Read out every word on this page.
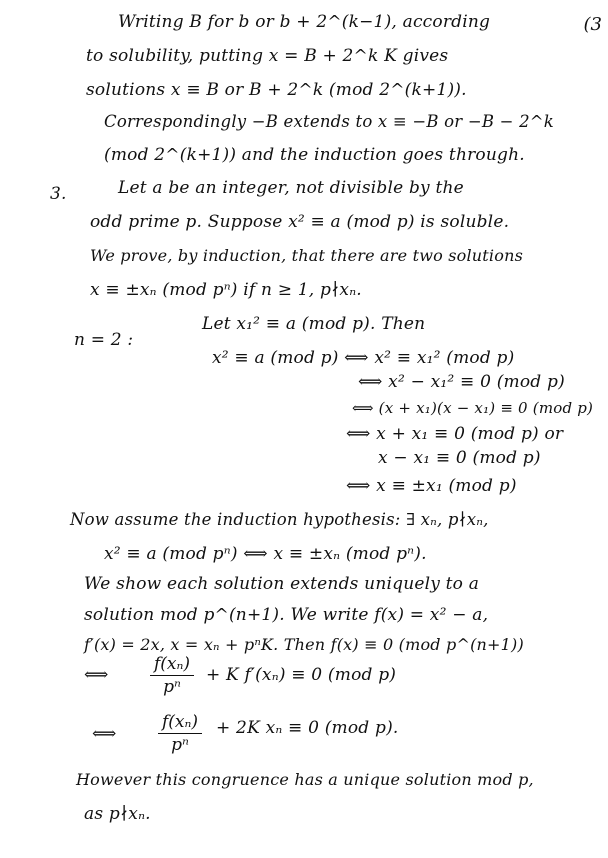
(3
Writing B for b or b + 2^(k−1), according
to solubility, putting x = B + 2^k K gives
solutions x ≡ B or B + 2^k (mod 2^(k+1)).
Correspondingly −B extends to x ≡ −B or −B − 2^k
(mod 2^(k+1)) and the induction goes through.
3.	Let a be an integer, not divisible by the
odd prime p. Suppose x² ≡ a (mod p) is soluble.
We prove, by induction, that there are two solutions
x ≡ ±xₙ (mod pⁿ) if n ≥ 1, p∤xₙ.
n = 2 :
Let x₁² ≡ a (mod p). Then
x² ≡ a (mod p) ⟺ x² ≡ x₁² (mod p)
⟺ x² − x₁² ≡ 0 (mod p)
⟺ (x + x₁)(x − x₁) ≡ 0 (mod p)
⟺ x + x₁ ≡ 0 (mod p) or
x − x₁ ≡ 0 (mod p)
⟺ x ≡ ±x₁ (mod p)
Now assume the induction hypothesis: ∃ xₙ, p∤xₙ,
x² ≡ a (mod pⁿ) ⟺ x ≡ ±xₙ (mod pⁿ).
We show each solution extends uniquely to a
solution mod p^(n+1). We write f(x) = x² − a,
f′(x) = 2x, x = xₙ + pⁿK. Then f(x) ≡ 0 (mod p^(n+1))
⟺ $\frac{\text{f(xₙ)}}{\text{pⁿ}} + K$ f′(xₙ) ≡ 0 (mod p)
⟺ $\frac{\text{f(xₙ)}}{\text{pⁿ}} + 2K$ xₙ ≡ 0 (mod p).
However this congruence has a unique solution mod p,
as p∤xₙ.
